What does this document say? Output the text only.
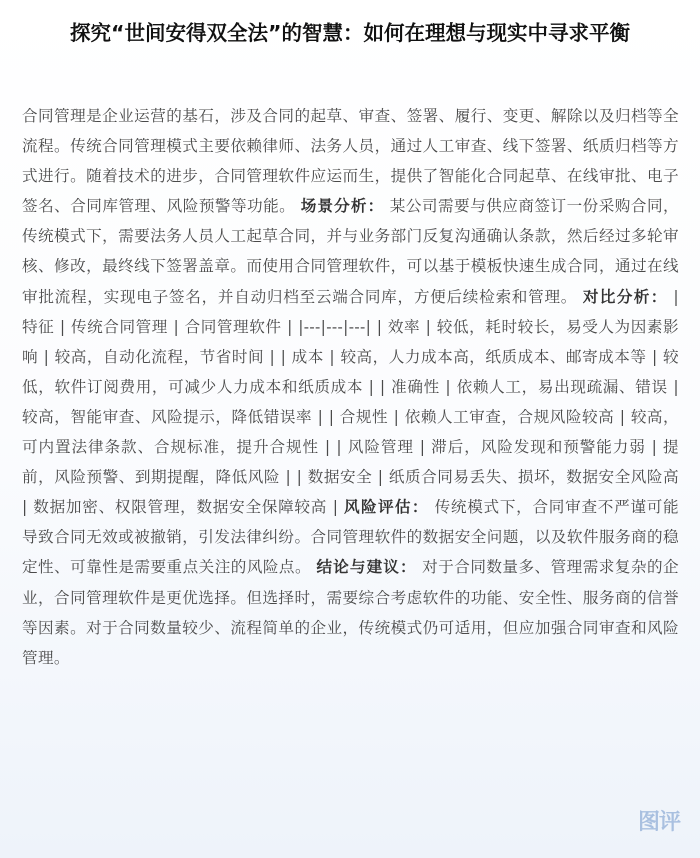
探究“世间安得双全法”的智慧：如何在理想与现实中寻求平衡

合同管理是企业运营的基石，涉及合同的起草、审查、签署、履行、变更、解除以及归档等全流程。传统合同管理模式主要依赖律师、法务人员，通过人工审查、线下签署、纸质归档等方式进行。随着技术的进步，合同管理软件应运而生，提供了智能化合同起草、在线审批、电子签名、合同库管理、风险预警等功能。 场景分析： 某公司需要与供应商签订一份采购合同，传统模式下，需要法务人员人工起草合同，并与业务部门反复沟通确认条款，然后经过多轮审核、修改，最终线下签署盖章。而使用合同管理软件，可以基于模板快速生成合同，通过在线审批流程，实现电子签名，并自动归档至云端合同库，方便后续检索和管理。 对比分析： | 特征 | 传统合同管理 | 合同管理软件 | |---|---|---| | 效率 | 较低，耗时较长，易受人为因素影响 | 较高，自动化流程，节省时间 | | 成本 | 较高，人力成本高，纸质成本、邮寄成本等 | 较低，软件订阅费用，可减少人力成本和纸质成本 | | 准确性 | 依赖人工，易出现疏漏、错误 | 较高，智能审查、风险提示，降低错误率 | | 合规性 | 依赖人工审查，合规风险较高 | 较高，可内置法律条款、合规标准，提升合规性 | | 风险管理 | 滞后，风险发现和预警能力弱 | 提前，风险预警、到期提醒，降低风险 | | 数据安全 | 纸质合同易丢失、损坏，数据安全风险高 | 数据加密、权限管理，数据安全保障较高 | 风险评估： 传统模式下，合同审查不严谨可能导致合同无效或被撤销，引发法律纠纷。合同管理软件的数据安全问题，以及软件服务商的稳定性、可靠性是需要重点关注的风险点。 结论与建议： 对于合同数量多、管理需求复杂的企业，合同管理软件是更优选择。但选择时，需要综合考虑软件的功能、安全性、服务商的信誉等因素。对于合同数量较少、流程简单的企业，传统模式仍可适用，但应加强合同审查和风险管理。

图评
